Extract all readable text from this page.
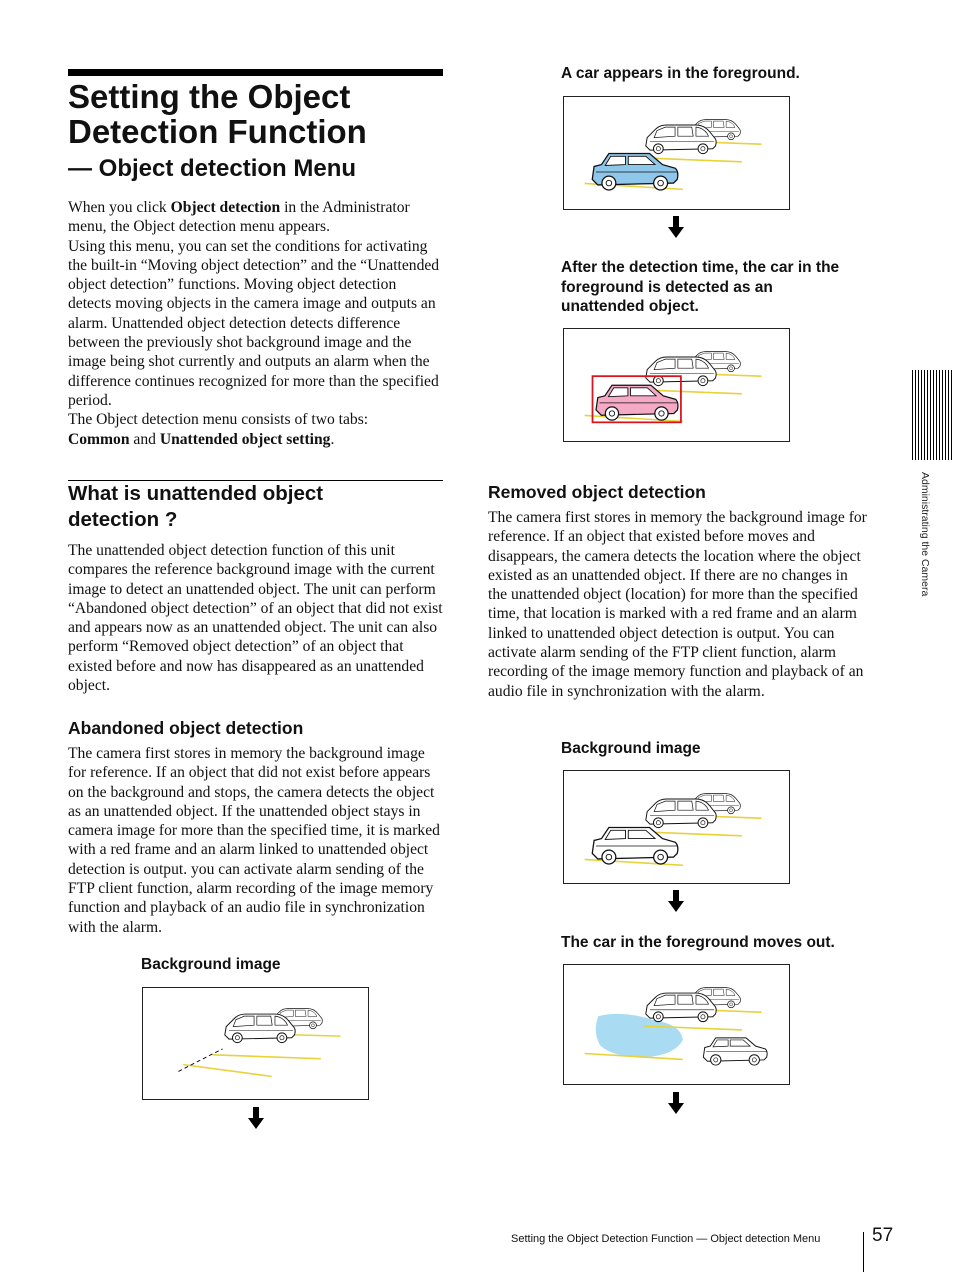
Setting the Object Detection Function
— Object detection Menu

When you click Object detection in the Administrator menu, the Object detection menu appears.

Using this menu, you can set the conditions for activating the built-in “Moving object detection” and the “Unattended object detection” functions. Moving object detection detects moving objects in the camera image and outputs an alarm. Unattended object detection detects difference between the previously shot background image and the image being shot currently and outputs an alarm when the difference continues recognized for more than the specified period.

The Object detection menu consists of two tabs:
Common and Unattended object setting.

What is unattended object
detection ?

The unattended object detection function of this unit compares the reference background image with the current image to detect an unattended object. The unit can perform “Abandoned object detection” of an object that did not exist and appears now as an unattended object. The unit can also perform “Removed object detection” of an object that existed before and now has disappeared as an unattended object.

Abandoned object detection

The camera first stores in memory the background image for reference. If an object that did not exist before appears on the background and stops, the camera detects the object as an unattended object. If the unattended object stays in camera image for more than the specified time, it is marked with a red frame and an alarm linked to unattended object detection is output. you can activate alarm sending of the FTP client function, alarm recording of the image memory function and playback of an audio file in synchronization with the alarm.

Background image

A car appears in the foreground.

After the detection time, the car in the
foreground is detected as an
unattended object.

Removed object detection

The camera first stores in memory the background image for reference. If an object that existed before moves and disappears, the camera detects the location where the object existed as an unattended object. If there are no changes in the unattended object (location) for more than the specified time, that location is marked with a red frame and an alarm linked to unattended object detection is output. You can activate alarm sending of the FTP client function, alarm recording of the image memory function and playback of an audio file in synchronization with the alarm.

Background image

The car in the foreground moves out.

Administrating the Camera
Setting the Object Detection Function — Object detection Menu	57
